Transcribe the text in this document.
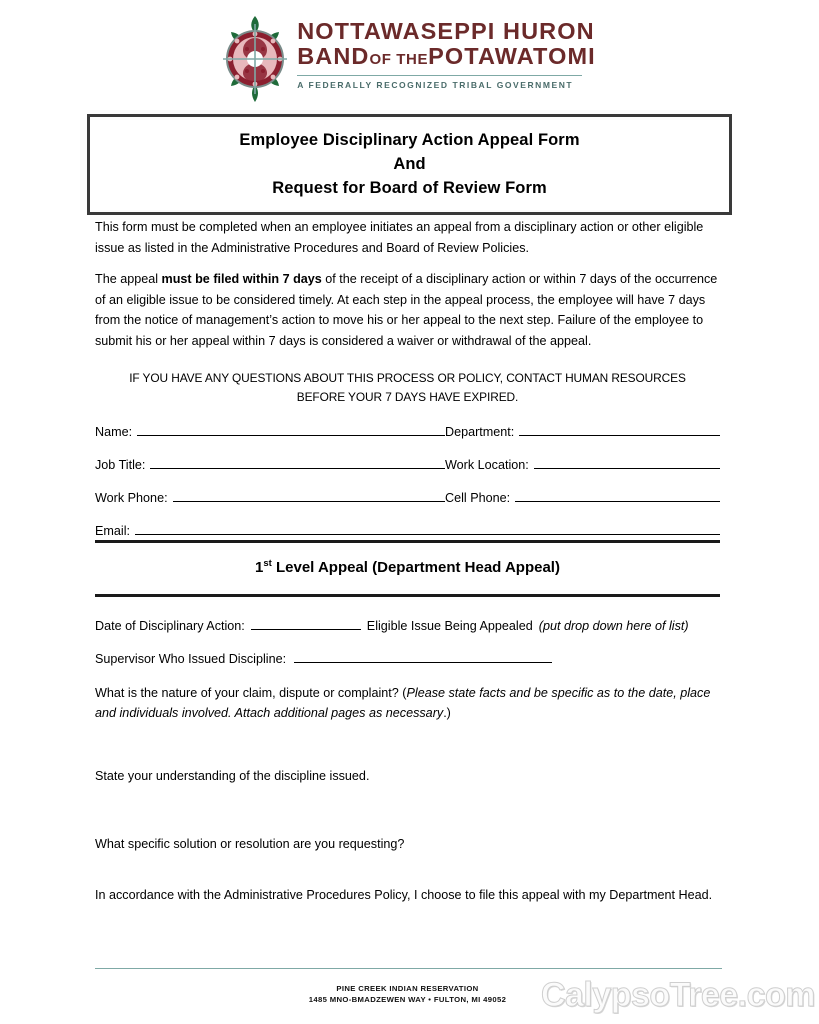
NOTTAWASEPPI HURON
BANDOF THEPOTAWATOMI
A FEDERALLY RECOGNIZED TRIBAL GOVERNMENT
Employee Disciplinary Action Appeal Form
And
Request for Board of Review Form
This form must be completed when an employee initiates an appeal from a disciplinary action or other eligible issue as listed in the Administrative Procedures and Board of Review Policies.
The appeal must be filed within 7 days of the receipt of a disciplinary action or within 7 days of the occurrence of an eligible issue to be considered timely. At each step in the appeal process, the employee will have 7 days from the notice of management’s action to move his or her appeal to the next step. Failure of the employee to submit his or her appeal within 7 days is considered a waiver or withdrawal of the appeal.
IF YOU HAVE ANY QUESTIONS ABOUT THIS PROCESS OR POLICY, CONTACT HUMAN RESOURCES
BEFORE YOUR 7 DAYS HAVE EXPIRED.
Name:	Department:
Job Title:	Work Location:
Work Phone:	Cell Phone:
Email:
1st Level Appeal (Department Head Appeal)
Date of Disciplinary Action:	Eligible Issue Being Appealed (put drop down here of list)
Supervisor Who Issued Discipline:
What is the nature of your claim, dispute or complaint? (Please state facts and be specific as to the date, place and individuals involved. Attach additional pages as necessary.)
State your understanding of the discipline issued.
What specific solution or resolution are you requesting?
In accordance with the Administrative Procedures Policy, I choose to file this appeal with my Department Head.
PINE CREEK INDIAN RESERVATION
1485 MNO-BMADZEWEN WAY • FULTON, MI 49052	CalypsoTree.com
